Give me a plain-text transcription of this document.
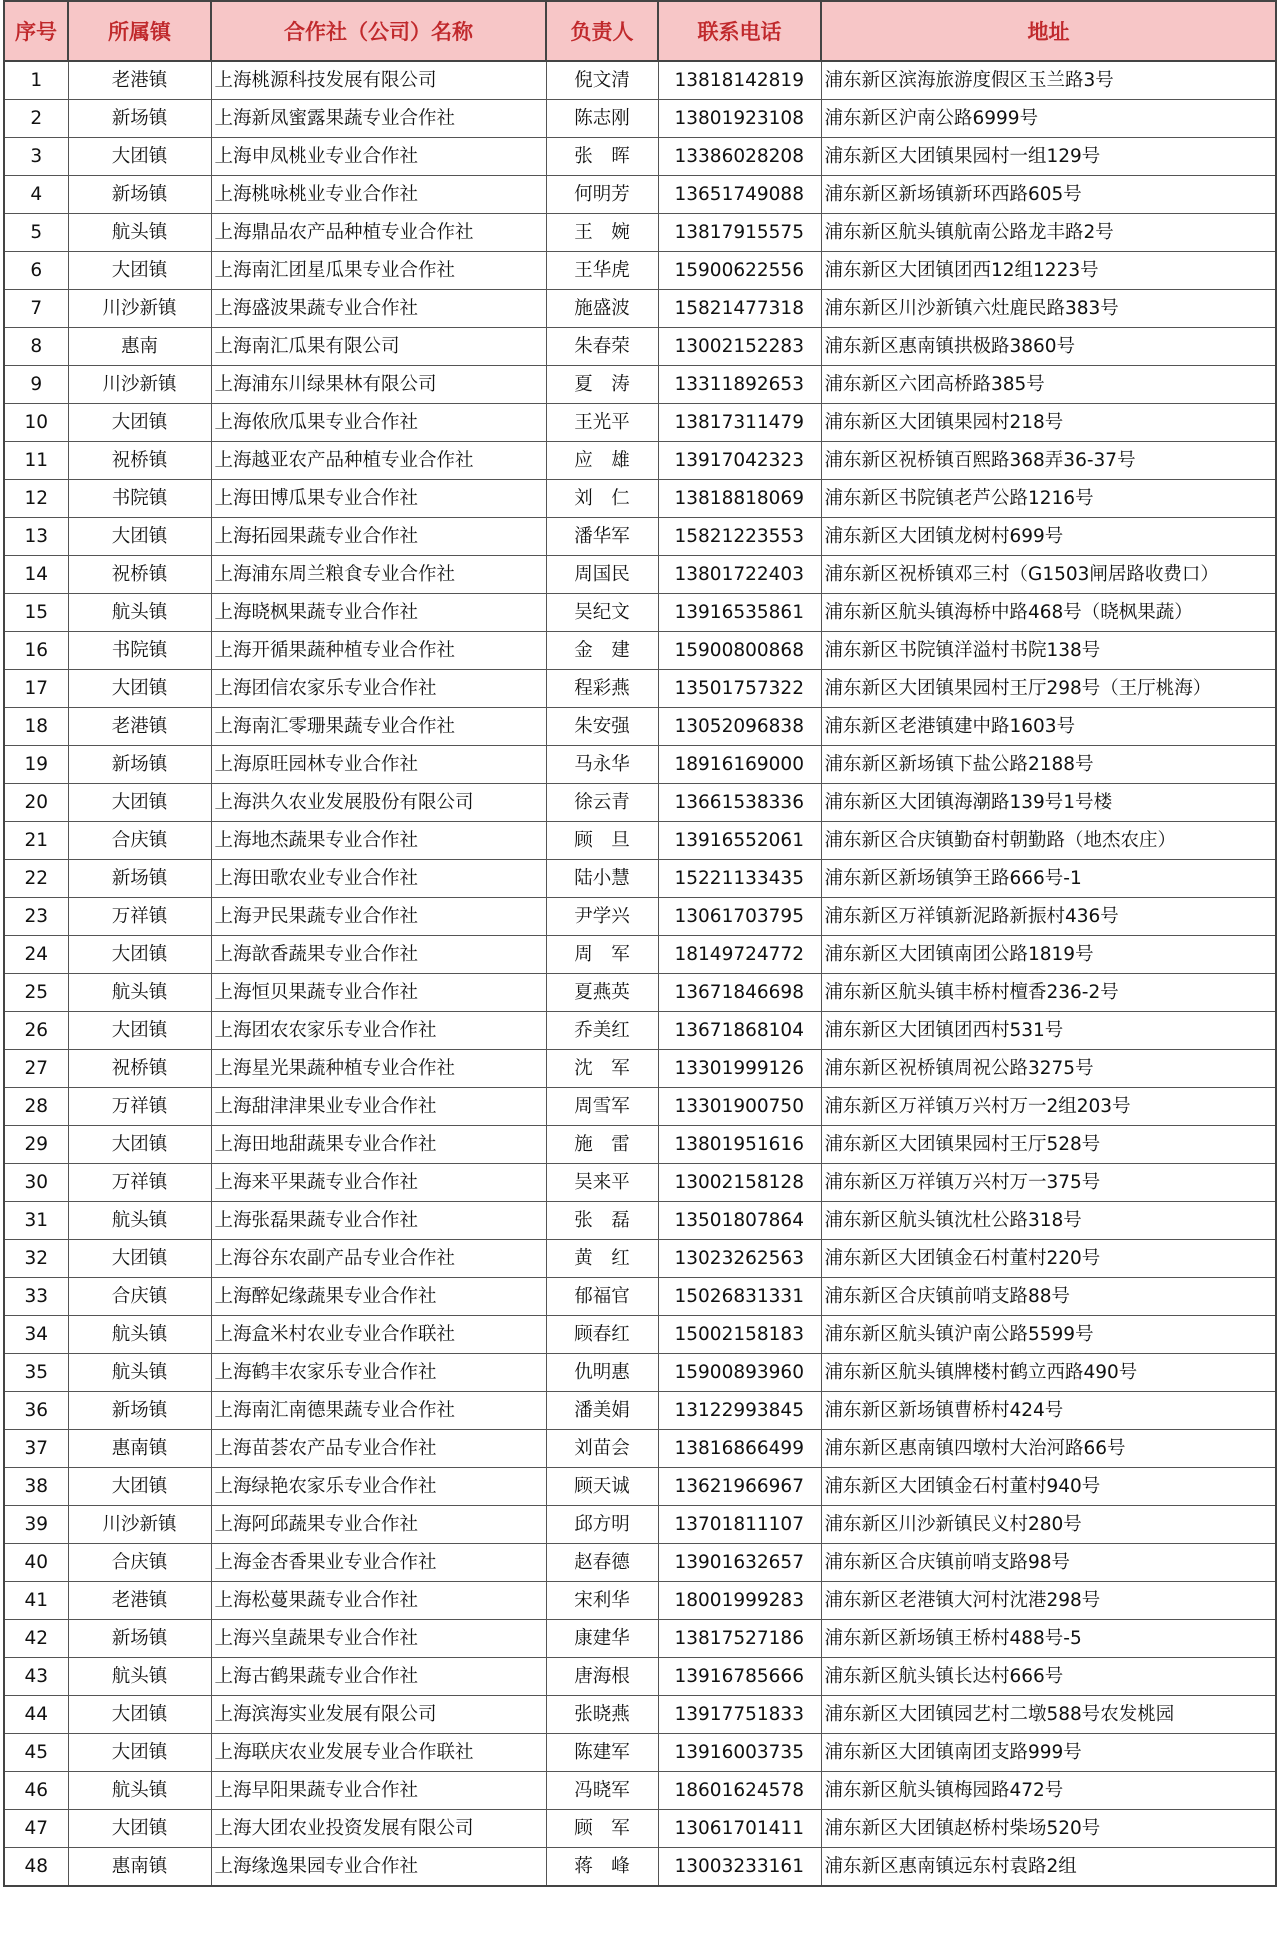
序号	所属镇	合作社（公司）名称	负责人	联系电话	地址
1	老港镇	上海桃源科技发展有限公司	倪文清	13818142819	浦东新区滨海旅游度假区玉兰路3号
2	新场镇	上海新凤蜜露果蔬专业合作社	陈志刚	13801923108	浦东新区沪南公路6999号
3	大团镇	上海申凤桃业专业合作社	张　晖	13386028208	浦东新区大团镇果园村一组129号
4	新场镇	上海桃咏桃业专业合作社	何明芳	13651749088	浦东新区新场镇新环西路605号
5	航头镇	上海鼎品农产品种植专业合作社	王　婉	13817915575	浦东新区航头镇航南公路龙丰路2号
6	大团镇	上海南汇团星瓜果专业合作社	王华虎	15900622556	浦东新区大团镇团西12组1223号
7	川沙新镇	上海盛波果蔬专业合作社	施盛波	15821477318	浦东新区川沙新镇六灶鹿民路383号
8	惠南	上海南汇瓜果有限公司	朱春荣	13002152283	浦东新区惠南镇拱极路3860号
9	川沙新镇	上海浦东川绿果林有限公司	夏　涛	13311892653	浦东新区六团高桥路385号
10	大团镇	上海侬欣瓜果专业合作社	王光平	13817311479	浦东新区大团镇果园村218号
11	祝桥镇	上海越亚农产品种植专业合作社	应　雄	13917042323	浦东新区祝桥镇百熙路368弄36-37号
12	书院镇	上海田博瓜果专业合作社	刘　仁	13818818069	浦东新区书院镇老芦公路1216号
13	大团镇	上海拓园果蔬专业合作社	潘华军	15821223553	浦东新区大团镇龙树村699号
14	祝桥镇	上海浦东周兰粮食专业合作社	周国民	13801722403	浦东新区祝桥镇邓三村（G1503闸居路收费口）
15	航头镇	上海晓枫果蔬专业合作社	吴纪文	13916535861	浦东新区航头镇海桥中路468号（晓枫果蔬）
16	书院镇	上海开循果蔬种植专业合作社	金　建	15900800868	浦东新区书院镇洋溢村书院138号
17	大团镇	上海团信农家乐专业合作社	程彩燕	13501757322	浦东新区大团镇果园村王厅298号（王厅桃海）
18	老港镇	上海南汇零珊果蔬专业合作社	朱安强	13052096838	浦东新区老港镇建中路1603号
19	新场镇	上海原旺园林专业合作社	马永华	18916169000	浦东新区新场镇下盐公路2188号
20	大团镇	上海洪久农业发展股份有限公司	徐云青	13661538336	浦东新区大团镇海潮路139号1号楼
21	合庆镇	上海地杰蔬果专业合作社	顾　旦	13916552061	浦东新区合庆镇勤奋村朝勤路（地杰农庄）
22	新场镇	上海田歌农业专业合作社	陆小慧	15221133435	浦东新区新场镇笋王路666号-1
23	万祥镇	上海尹民果蔬专业合作社	尹学兴	13061703795	浦东新区万祥镇新泥路新振村436号
24	大团镇	上海歆香蔬果专业合作社	周　军	18149724772	浦东新区大团镇南团公路1819号
25	航头镇	上海恒贝果蔬专业合作社	夏燕英	13671846698	浦东新区航头镇丰桥村檀香236-2号
26	大团镇	上海团农农家乐专业合作社	乔美红	13671868104	浦东新区大团镇团西村531号
27	祝桥镇	上海星光果蔬种植专业合作社	沈　军	13301999126	浦东新区祝桥镇周祝公路3275号
28	万祥镇	上海甜津津果业专业合作社	周雪军	13301900750	浦东新区万祥镇万兴村万一2组203号
29	大团镇	上海田地甜蔬果专业合作社	施　雷	13801951616	浦东新区大团镇果园村王厅528号
30	万祥镇	上海来平果蔬专业合作社	吴来平	13002158128	浦东新区万祥镇万兴村万一375号
31	航头镇	上海张磊果蔬专业合作社	张　磊	13501807864	浦东新区航头镇沈杜公路318号
32	大团镇	上海谷东农副产品专业合作社	黄　红	13023262563	浦东新区大团镇金石村董村220号
33	合庆镇	上海醉妃缘蔬果专业合作社	郁福官	15026831331	浦东新区合庆镇前哨支路88号
34	航头镇	上海盒米村农业专业合作联社	顾春红	15002158183	浦东新区航头镇沪南公路5599号
35	航头镇	上海鹤丰农家乐专业合作社	仇明惠	15900893960	浦东新区航头镇牌楼村鹤立西路490号
36	新场镇	上海南汇南德果蔬专业合作社	潘美娟	13122993845	浦东新区新场镇曹桥村424号
37	惠南镇	上海苗荟农产品专业合作社	刘苗会	13816866499	浦东新区惠南镇四墩村大治河路66号
38	大团镇	上海绿艳农家乐专业合作社	顾天诚	13621966967	浦东新区大团镇金石村董村940号
39	川沙新镇	上海阿邱蔬果专业合作社	邱方明	13701811107	浦东新区川沙新镇民义村280号
40	合庆镇	上海金杏香果业专业合作社	赵春德	13901632657	浦东新区合庆镇前哨支路98号
41	老港镇	上海松蔓果蔬专业合作社	宋利华	18001999283	浦东新区老港镇大河村沈港298号
42	新场镇	上海兴皇蔬果专业合作社	康建华	13817527186	浦东新区新场镇王桥村488号-5
43	航头镇	上海古鹤果蔬专业合作社	唐海根	13916785666	浦东新区航头镇长达村666号
44	大团镇	上海滨海实业发展有限公司	张晓燕	13917751833	浦东新区大团镇园艺村二墩588号农发桃园
45	大团镇	上海联庆农业发展专业合作联社	陈建军	13916003735	浦东新区大团镇南团支路999号
46	航头镇	上海早阳果蔬专业合作社	冯晓军	18601624578	浦东新区航头镇梅园路472号
47	大团镇	上海大团农业投资发展有限公司	顾　军	13061701411	浦东新区大团镇赵桥村柴场520号
48	惠南镇	上海缘逸果园专业合作社	蒋　峰	13003233161	浦东新区惠南镇远东村袁路2组
